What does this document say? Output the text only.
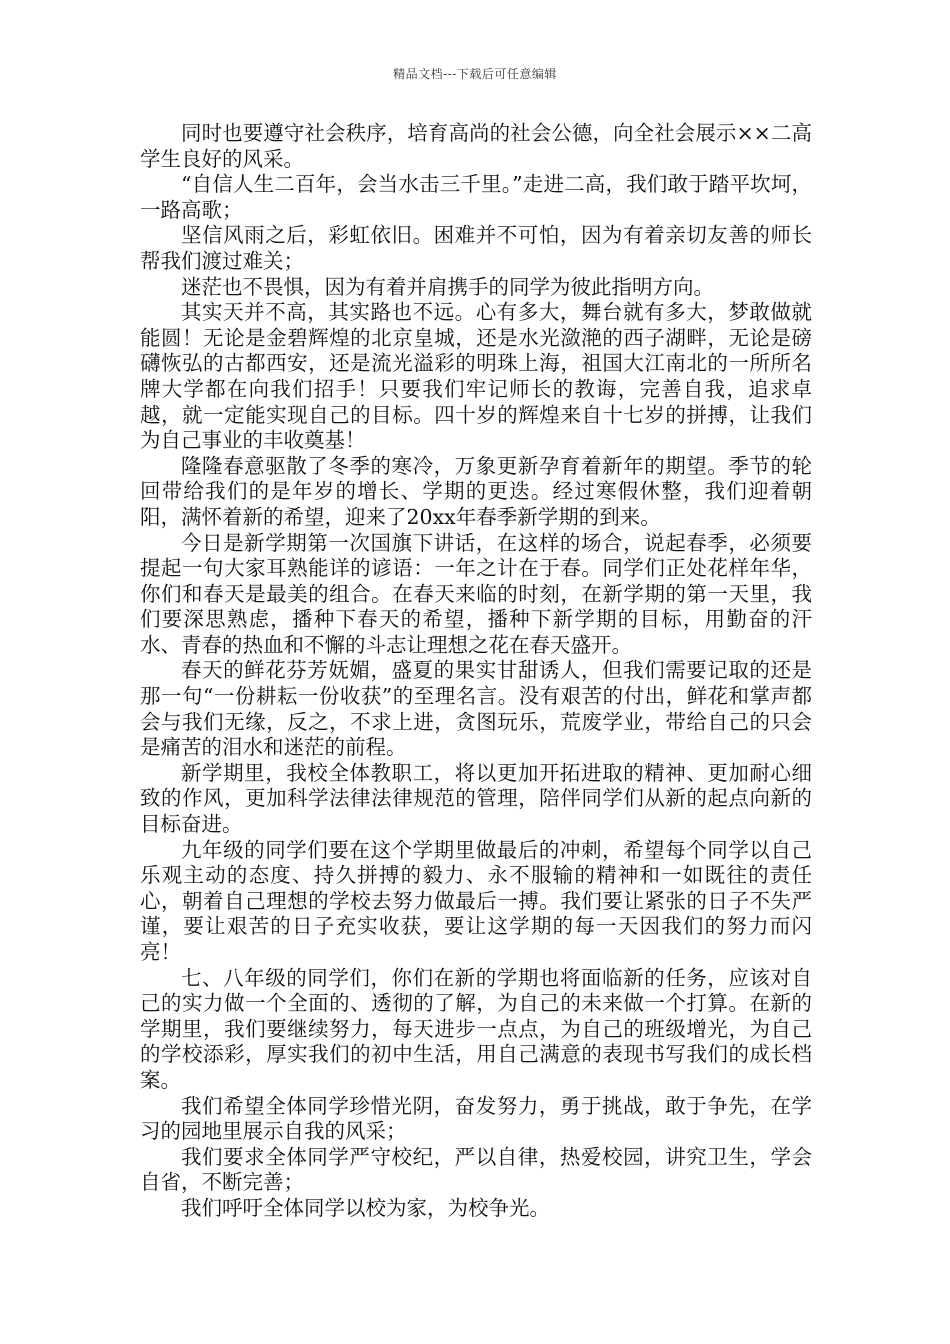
精品文档---下载后可任意编辑

同时也要遵守社会秩序，培育高尚的社会公德，向全社会展示××二高学生良好的风采。

“自信人生二百年，会当水击三千里。”走进二高，我们敢于踏平坎坷，一路高歌；

坚信风雨之后，彩虹依旧。困难并不可怕，因为有着亲切友善的师长帮我们渡过难关；

迷茫也不畏惧，因为有着并肩携手的同学为彼此指明方向。

其实天并不高，其实路也不远。心有多大，舞台就有多大，梦敢做就能圆！无论是金碧辉煌的北京皇城，还是水光潋滟的西子湖畔，无论是磅礴恢弘的古都西安，还是流光溢彩的明珠上海，祖国大江南北的一所所名牌大学都在向我们招手！只要我们牢记师长的教诲，完善自我，追求卓越，就一定能实现自己的目标。四十岁的辉煌来自十七岁的拼搏，让我们为自己事业的丰收奠基！

隆隆春意驱散了冬季的寒冷，万象更新孕育着新年的期望。季节的轮回带给我们的是年岁的增长、学期的更迭。经过寒假休整，我们迎着朝阳，满怀着新的希望，迎来了20xx年春季新学期的到来。

今日是新学期第一次国旗下讲话，在这样的场合，说起春季，必须要提起一句大家耳熟能详的谚语：一年之计在于春。同学们正处花样年华，你们和春天是最美的组合。在春天来临的时刻，在新学期的第一天里，我们要深思熟虑，播种下春天的希望，播种下新学期的目标，用勤奋的汗水、青春的热血和不懈的斗志让理想之花在春天盛开。

春天的鲜花芬芳妩媚，盛夏的果实甘甜诱人，但我们需要记取的还是那一句“一份耕耘一份收获”的至理名言。没有艰苦的付出，鲜花和掌声都会与我们无缘，反之，不求上进，贪图玩乐，荒废学业，带给自己的只会是痛苦的泪水和迷茫的前程。

新学期里，我校全体教职工，将以更加开拓进取的精神、更加耐心细致的作风，更加科学法律法律规范的管理，陪伴同学们从新的起点向新的目标奋进。

九年级的同学们要在这个学期里做最后的冲刺，希望每个同学以自己乐观主动的态度、持久拼搏的毅力、永不服输的精神和一如既往的责任心，朝着自己理想的学校去努力做最后一搏。我们要让紧张的日子不失严谨，要让艰苦的日子充实收获，要让这学期的每一天因我们的努力而闪亮！

七、八年级的同学们，你们在新的学期也将面临新的任务，应该对自己的实力做一个全面的、透彻的了解，为自己的未来做一个打算。在新的学期里，我们要继续努力，每天进步一点点，为自己的班级增光，为自己的学校添彩，厚实我们的初中生活，用自己满意的表现书写我们的成长档案。

我们希望全体同学珍惜光阴，奋发努力，勇于挑战，敢于争先，在学习的园地里展示自我的风采；

我们要求全体同学严守校纪，严以自律，热爱校园，讲究卫生，学会自省，不断完善；

我们呼吁全体同学以校为家，为校争光。
